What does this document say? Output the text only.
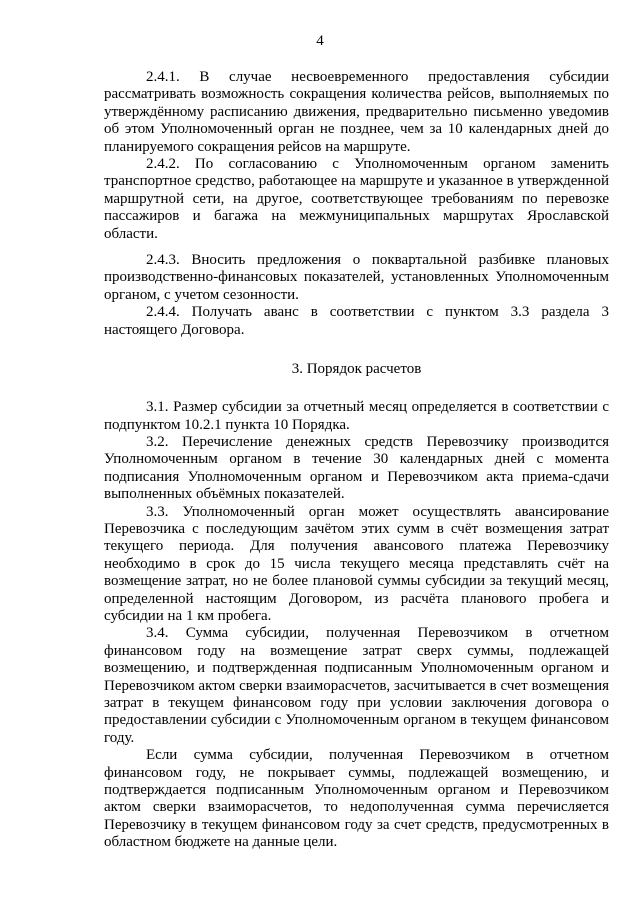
4

2.4.1. В случае несвоевременного предоставления субсидии рассматривать возможность сокращения количества рейсов, выполняемых по утверждённому расписанию движения, предварительно письменно уведомив об этом Уполномоченный орган не позднее, чем за 10 календарных дней до планируемого сокращения рейсов на маршруте.

2.4.2. По согласованию с Уполномоченным органом заменить транспортное средство, работающее на маршруте и указанное в утвержденной маршрутной сети, на другое, соответствующее требованиям по перевозке пассажиров и багажа на межмуниципальных маршрутах Ярославской области.

2.4.3. Вносить предложения о поквартальной разбивке плановых производственно-финансовых показателей, установленных Уполномоченным органом, с учетом сезонности.

2.4.4. Получать аванс в соответствии с пунктом 3.3 раздела 3 настоящего Договора.

3. Порядок расчетов

3.1. Размер субсидии за отчетный месяц определяется в соответствии с подпунктом 10.2.1 пункта 10 Порядка.

3.2. Перечисление денежных средств Перевозчику производится Уполномоченным органом в течение 30 календарных дней с момента подписания Уполномоченным органом и Перевозчиком акта приема-сдачи выполненных объёмных показателей.

3.3. Уполномоченный орган может осуществлять авансирование Перевозчика с последующим зачётом этих сумм в счёт возмещения затрат текущего периода. Для получения авансового платежа Перевозчику необходимо в срок до 15 числа текущего месяца представлять счёт на возмещение затрат, но не более плановой суммы субсидии за текущий месяц, определенной настоящим Договором, из расчёта планового пробега и субсидии на 1 км пробега.

3.4. Сумма субсидии, полученная Перевозчиком в отчетном финансовом году на возмещение затрат сверх суммы, подлежащей возмещению, и подтвержденная подписанным Уполномоченным органом и Перевозчиком актом сверки взаиморасчетов, засчитывается в счет возмещения затрат в текущем финансовом году при условии заключения договора о предоставлении субсидии с Уполномоченным органом в текущем финансовом году.

Если сумма субсидии, полученная Перевозчиком в отчетном финансовом году, не покрывает суммы, подлежащей возмещению, и подтверждается подписанным Уполномоченным органом и Перевозчиком актом сверки взаиморасчетов, то недополученная сумма перечисляется Перевозчику в текущем финансовом году за счет средств, предусмотренных в областном бюджете на данные цели.
